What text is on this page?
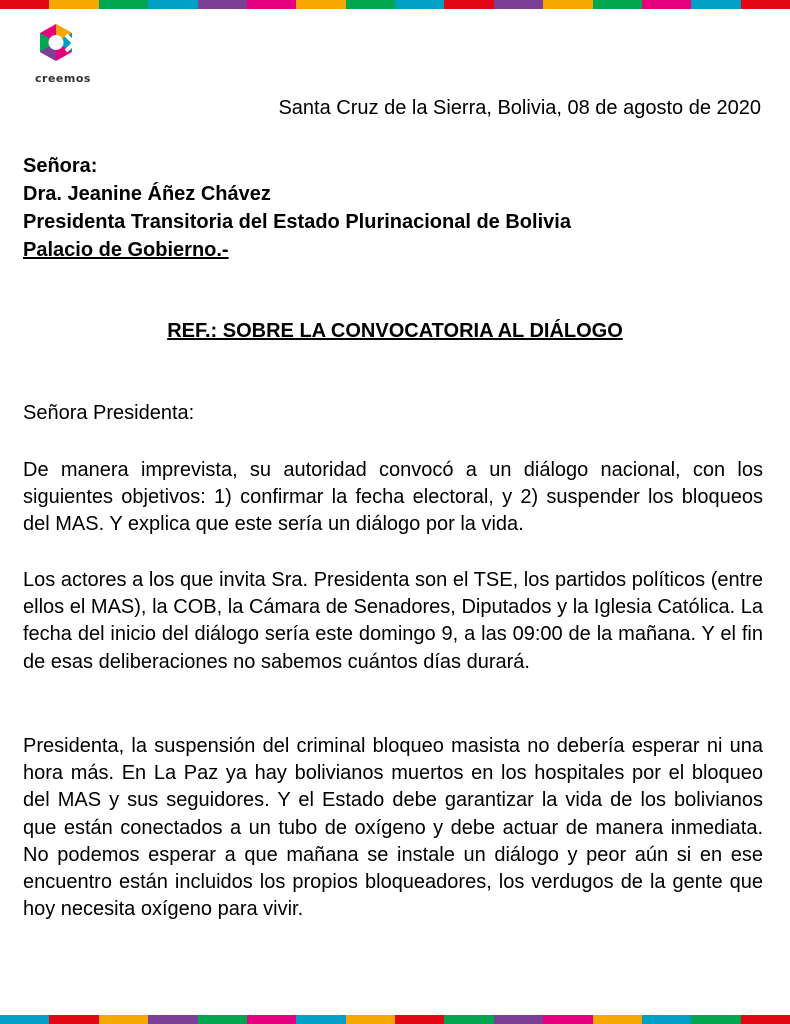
creemos
Santa Cruz de la Sierra, Bolivia, 08 de agosto de 2020
Señora:
Dra. Jeanine Áñez Chávez
Presidenta Transitoria del Estado Plurinacional de Bolivia
Palacio de Gobierno.-
REF.: SOBRE LA CONVOCATORIA AL DIÁLOGO
Señora Presidenta:

De manera imprevista, su autoridad convocó a un diálogo nacional, con los siguientes objetivos: 1) confirmar la fecha electoral, y 2) suspender los bloqueos del MAS. Y explica que este sería un diálogo por la vida.

Los actores a los que invita Sra. Presidenta son el TSE, los partidos políticos (entre ellos el MAS), la COB, la Cámara de Senadores, Diputados y la Iglesia Católica. La fecha del inicio del diálogo sería este domingo 9, a las 09:00 de la mañana. Y el fin de esas deliberaciones no sabemos cuántos días durará.

Presidenta, la suspensión del criminal bloqueo masista no debería esperar ni una hora más. En La Paz ya hay bolivianos muertos en los hospitales por el bloqueo del MAS y sus seguidores. Y el Estado debe garantizar la vida de los bolivianos que están conectados a un tubo de oxígeno y debe actuar de manera inmediata. No podemos esperar a que mañana se instale un diálogo y peor aún si en ese encuentro están incluidos los propios bloqueadores, los verdugos de la gente que hoy necesita oxígeno para vivir.
